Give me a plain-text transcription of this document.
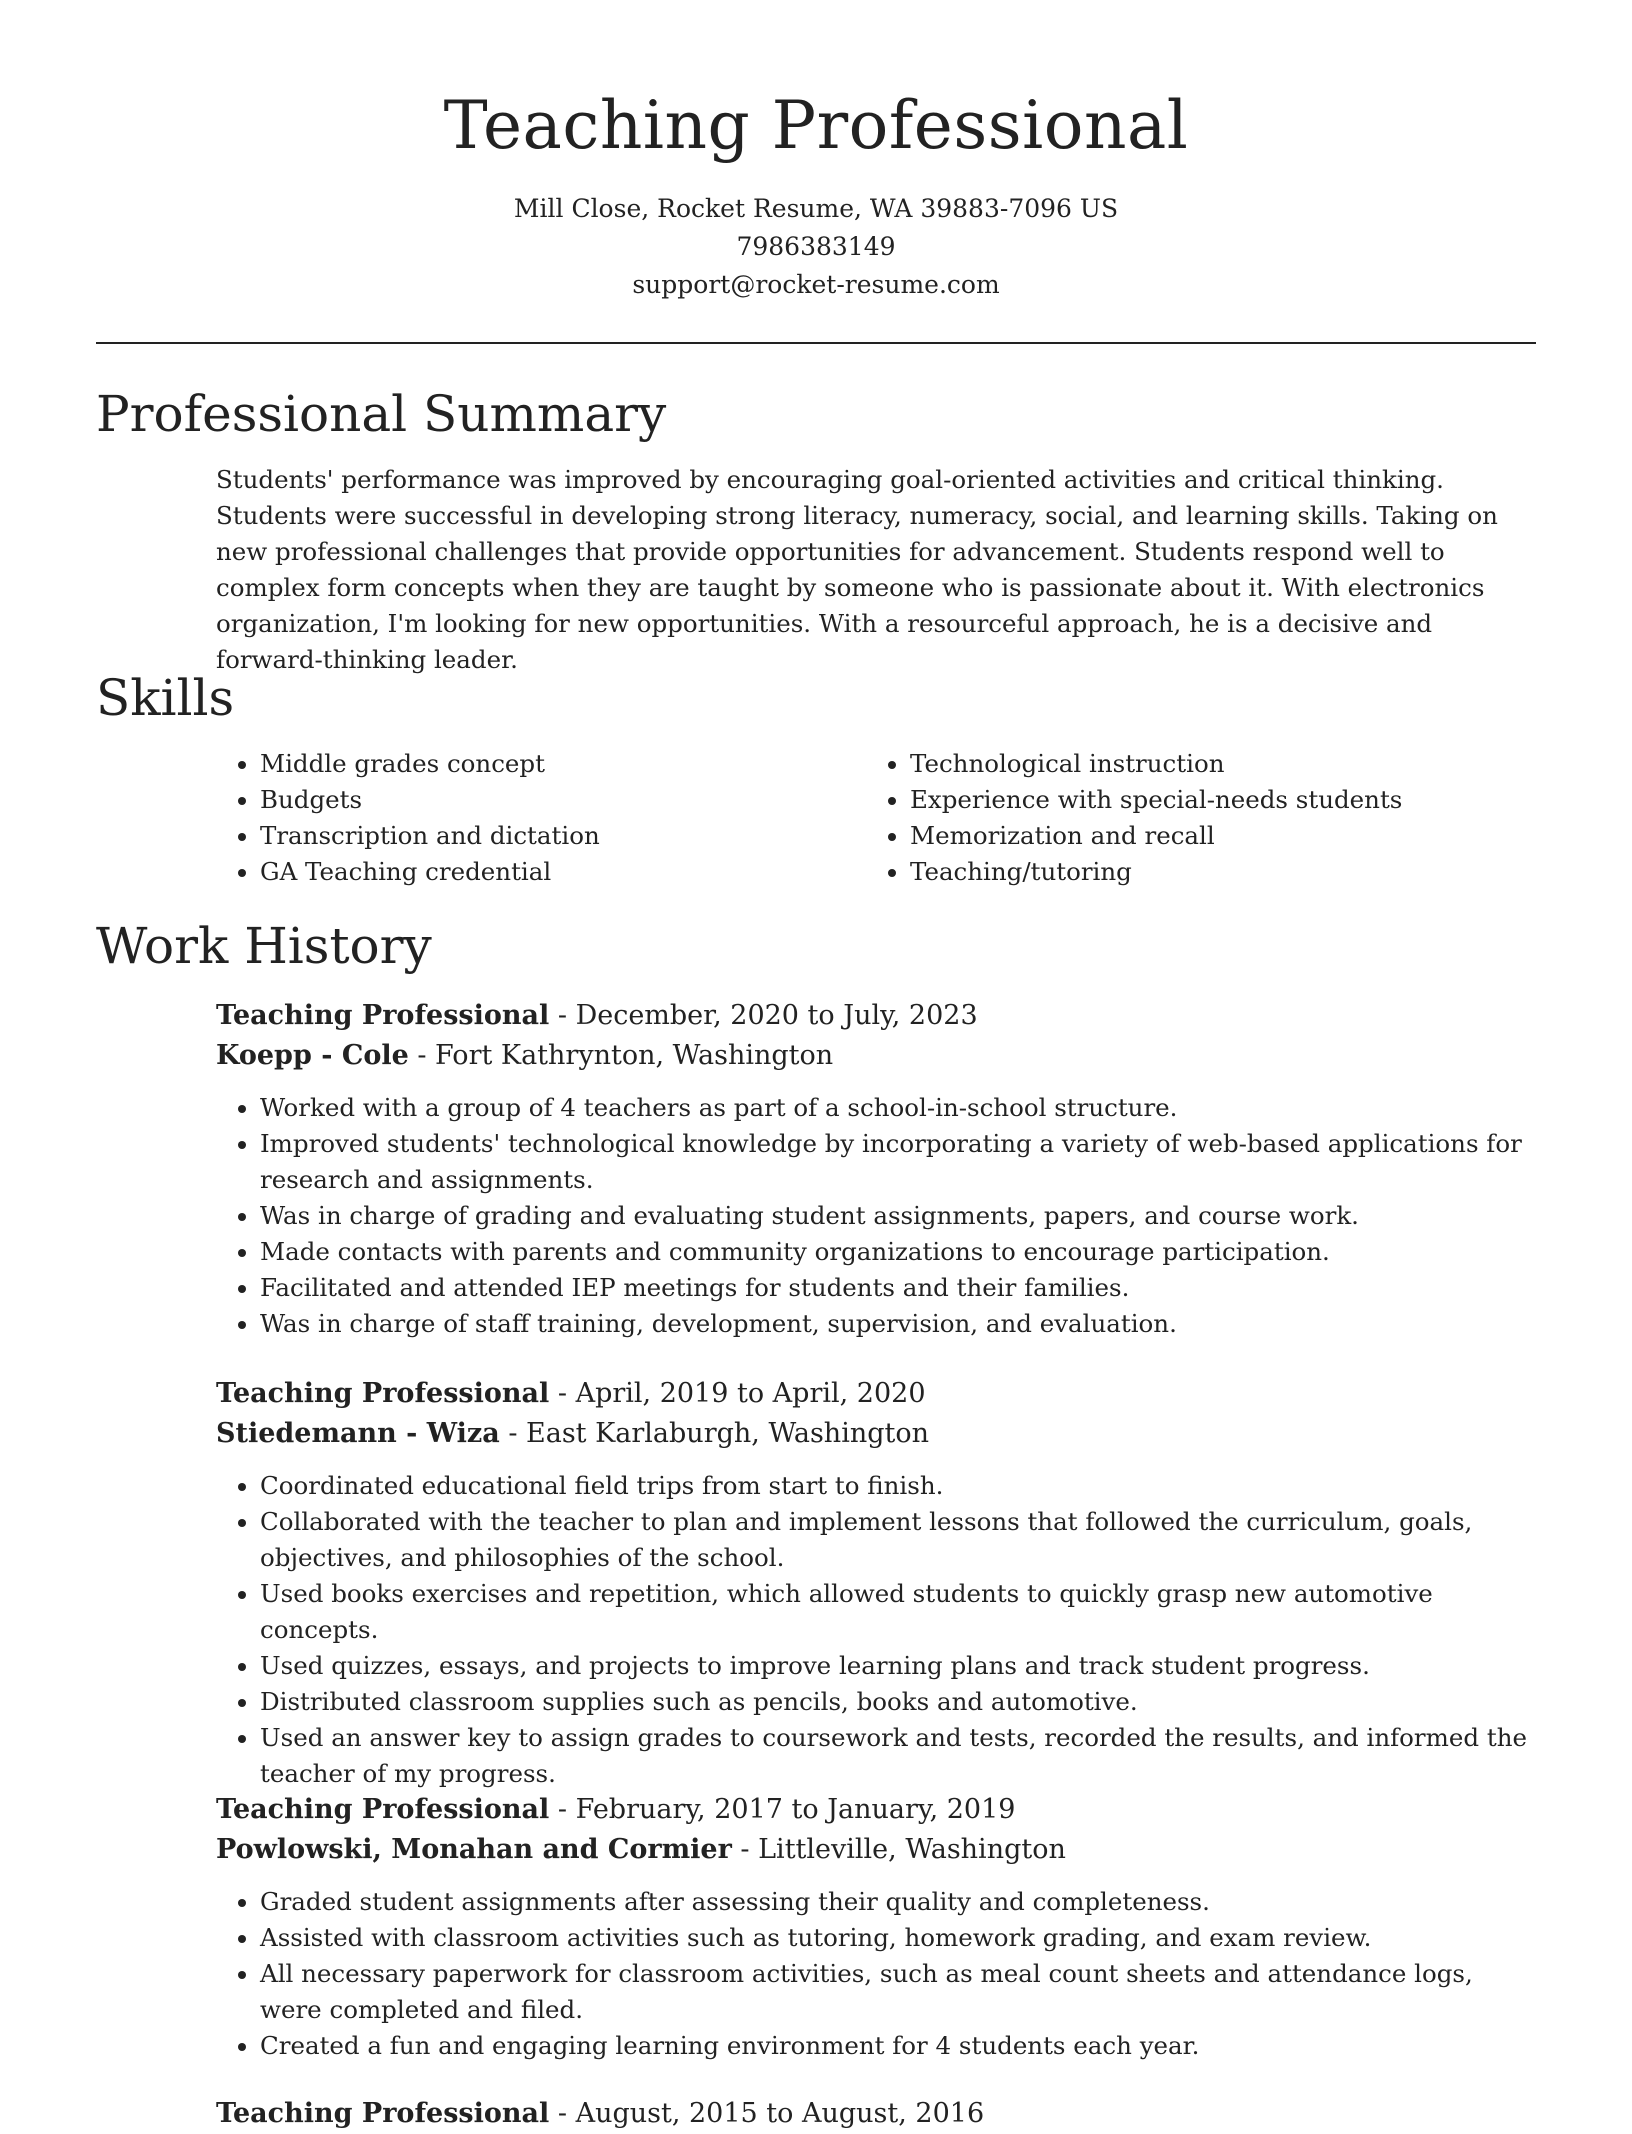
Teaching Professional
Mill Close, Rocket Resume, WA 39883-7096 US
7986383149
support@rocket-resume.com
Professional Summary

Students' performance was improved by encouraging goal-oriented activities and critical thinking. Students were successful in developing strong literacy, numeracy, social, and learning skills. Taking on new professional challenges that provide opportunities for advancement. Students respond well to complex form concepts when they are taught by someone who is passionate about it. With electronics organization, I'm looking for new opportunities. With a resourceful approach, he is a decisive and forward-thinking leader.

Skills
• Middle grades concept
• Budgets
• Transcription and dictation
• GA Teaching credential
• Technological instruction
• Experience with special-needs students
• Memorization and recall
• Teaching/tutoring
Work History
Teaching Professional - December, 2020 to July, 2023
Koepp - Cole - Fort Kathrynton, Washington
• Worked with a group of 4 teachers as part of a school-in-school structure.
• Improved students' technological knowledge by incorporating a variety of web-based applications for research and assignments.
• Was in charge of grading and evaluating student assignments, papers, and course work.
• Made contacts with parents and community organizations to encourage participation.
• Facilitated and attended IEP meetings for students and their families.
• Was in charge of staff training, development, supervision, and evaluation.
Teaching Professional - April, 2019 to April, 2020
Stiedemann - Wiza - East Karlaburgh, Washington
• Coordinated educational field trips from start to finish.
• Collaborated with the teacher to plan and implement lessons that followed the curriculum, goals, objectives, and philosophies of the school.
• Used books exercises and repetition, which allowed students to quickly grasp new automotive concepts.
• Used quizzes, essays, and projects to improve learning plans and track student progress.
• Distributed classroom supplies such as pencils, books and automotive.
• Used an answer key to assign grades to coursework and tests, recorded the results, and informed the teacher of my progress.
Teaching Professional - February, 2017 to January, 2019
Powlowski, Monahan and Cormier - Littleville, Washington
• Graded student assignments after assessing their quality and completeness.
• Assisted with classroom activities such as tutoring, homework grading, and exam review.
• All necessary paperwork for classroom activities, such as meal count sheets and attendance logs, were completed and filed.
• Created a fun and engaging learning environment for 4 students each year.
Teaching Professional - August, 2015 to August, 2016
